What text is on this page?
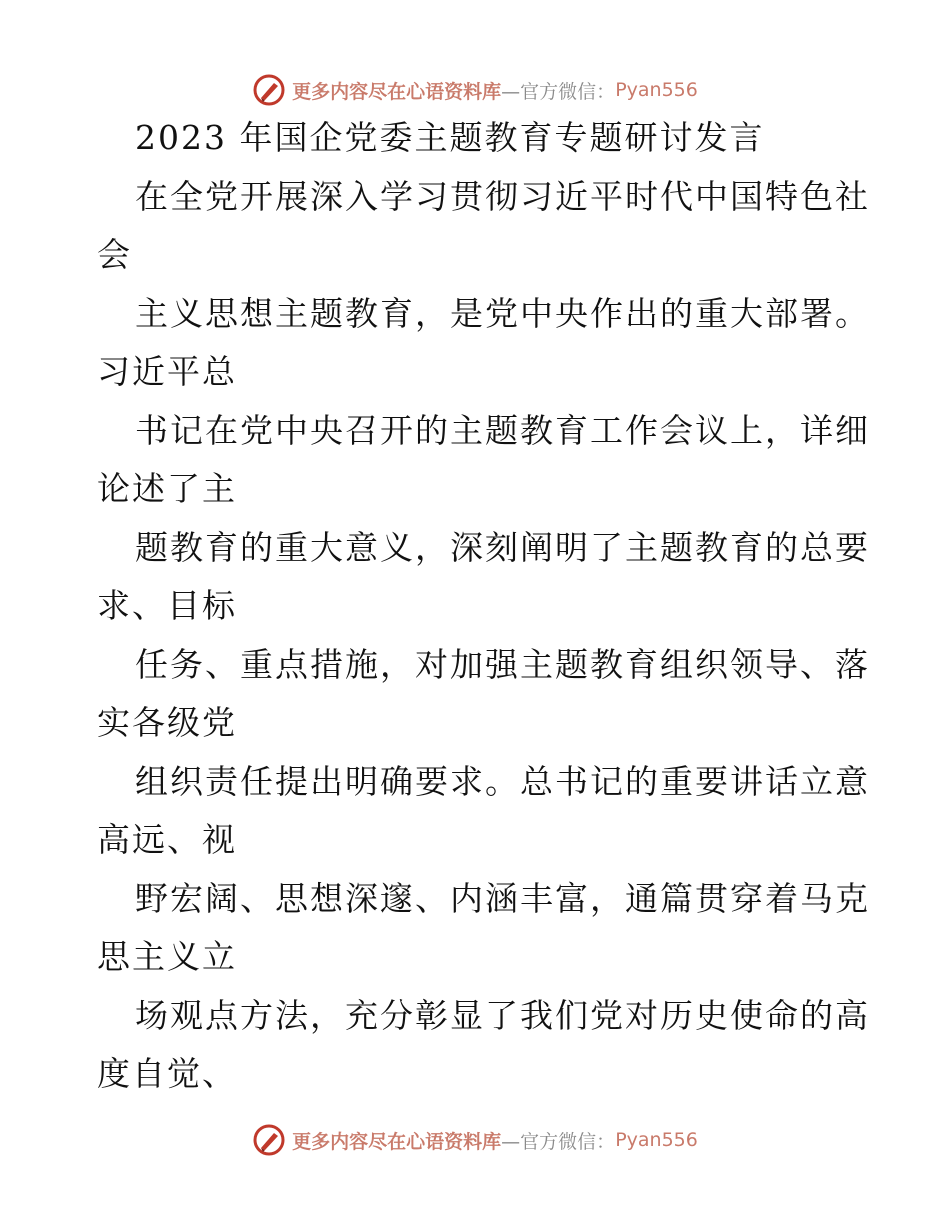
更多内容尽在心语资料库 —官方微信： Pyan556
2023 年国企党委主题教育专题研讨发言
在全党开展深入学习贯彻习近平时代中国特色社
会
主义思想主题教育，是党中央作出的重大部署。
习近平总
书记在党中央召开的主题教育工作会议上，详细
论述了主
题教育的重大意义，深刻阐明了主题教育的总要
求、目标
任务、重点措施，对加强主题教育组织领导、落
实各级党
组织责任提出明确要求。总书记的重要讲话立意
高远、视
野宏阔、思想深邃、内涵丰富，通篇贯穿着马克
思主义立
场观点方法，充分彰显了我们党对历史使命的高
度自觉、
更多内容尽在心语资料库 —官方微信： Pyan556
